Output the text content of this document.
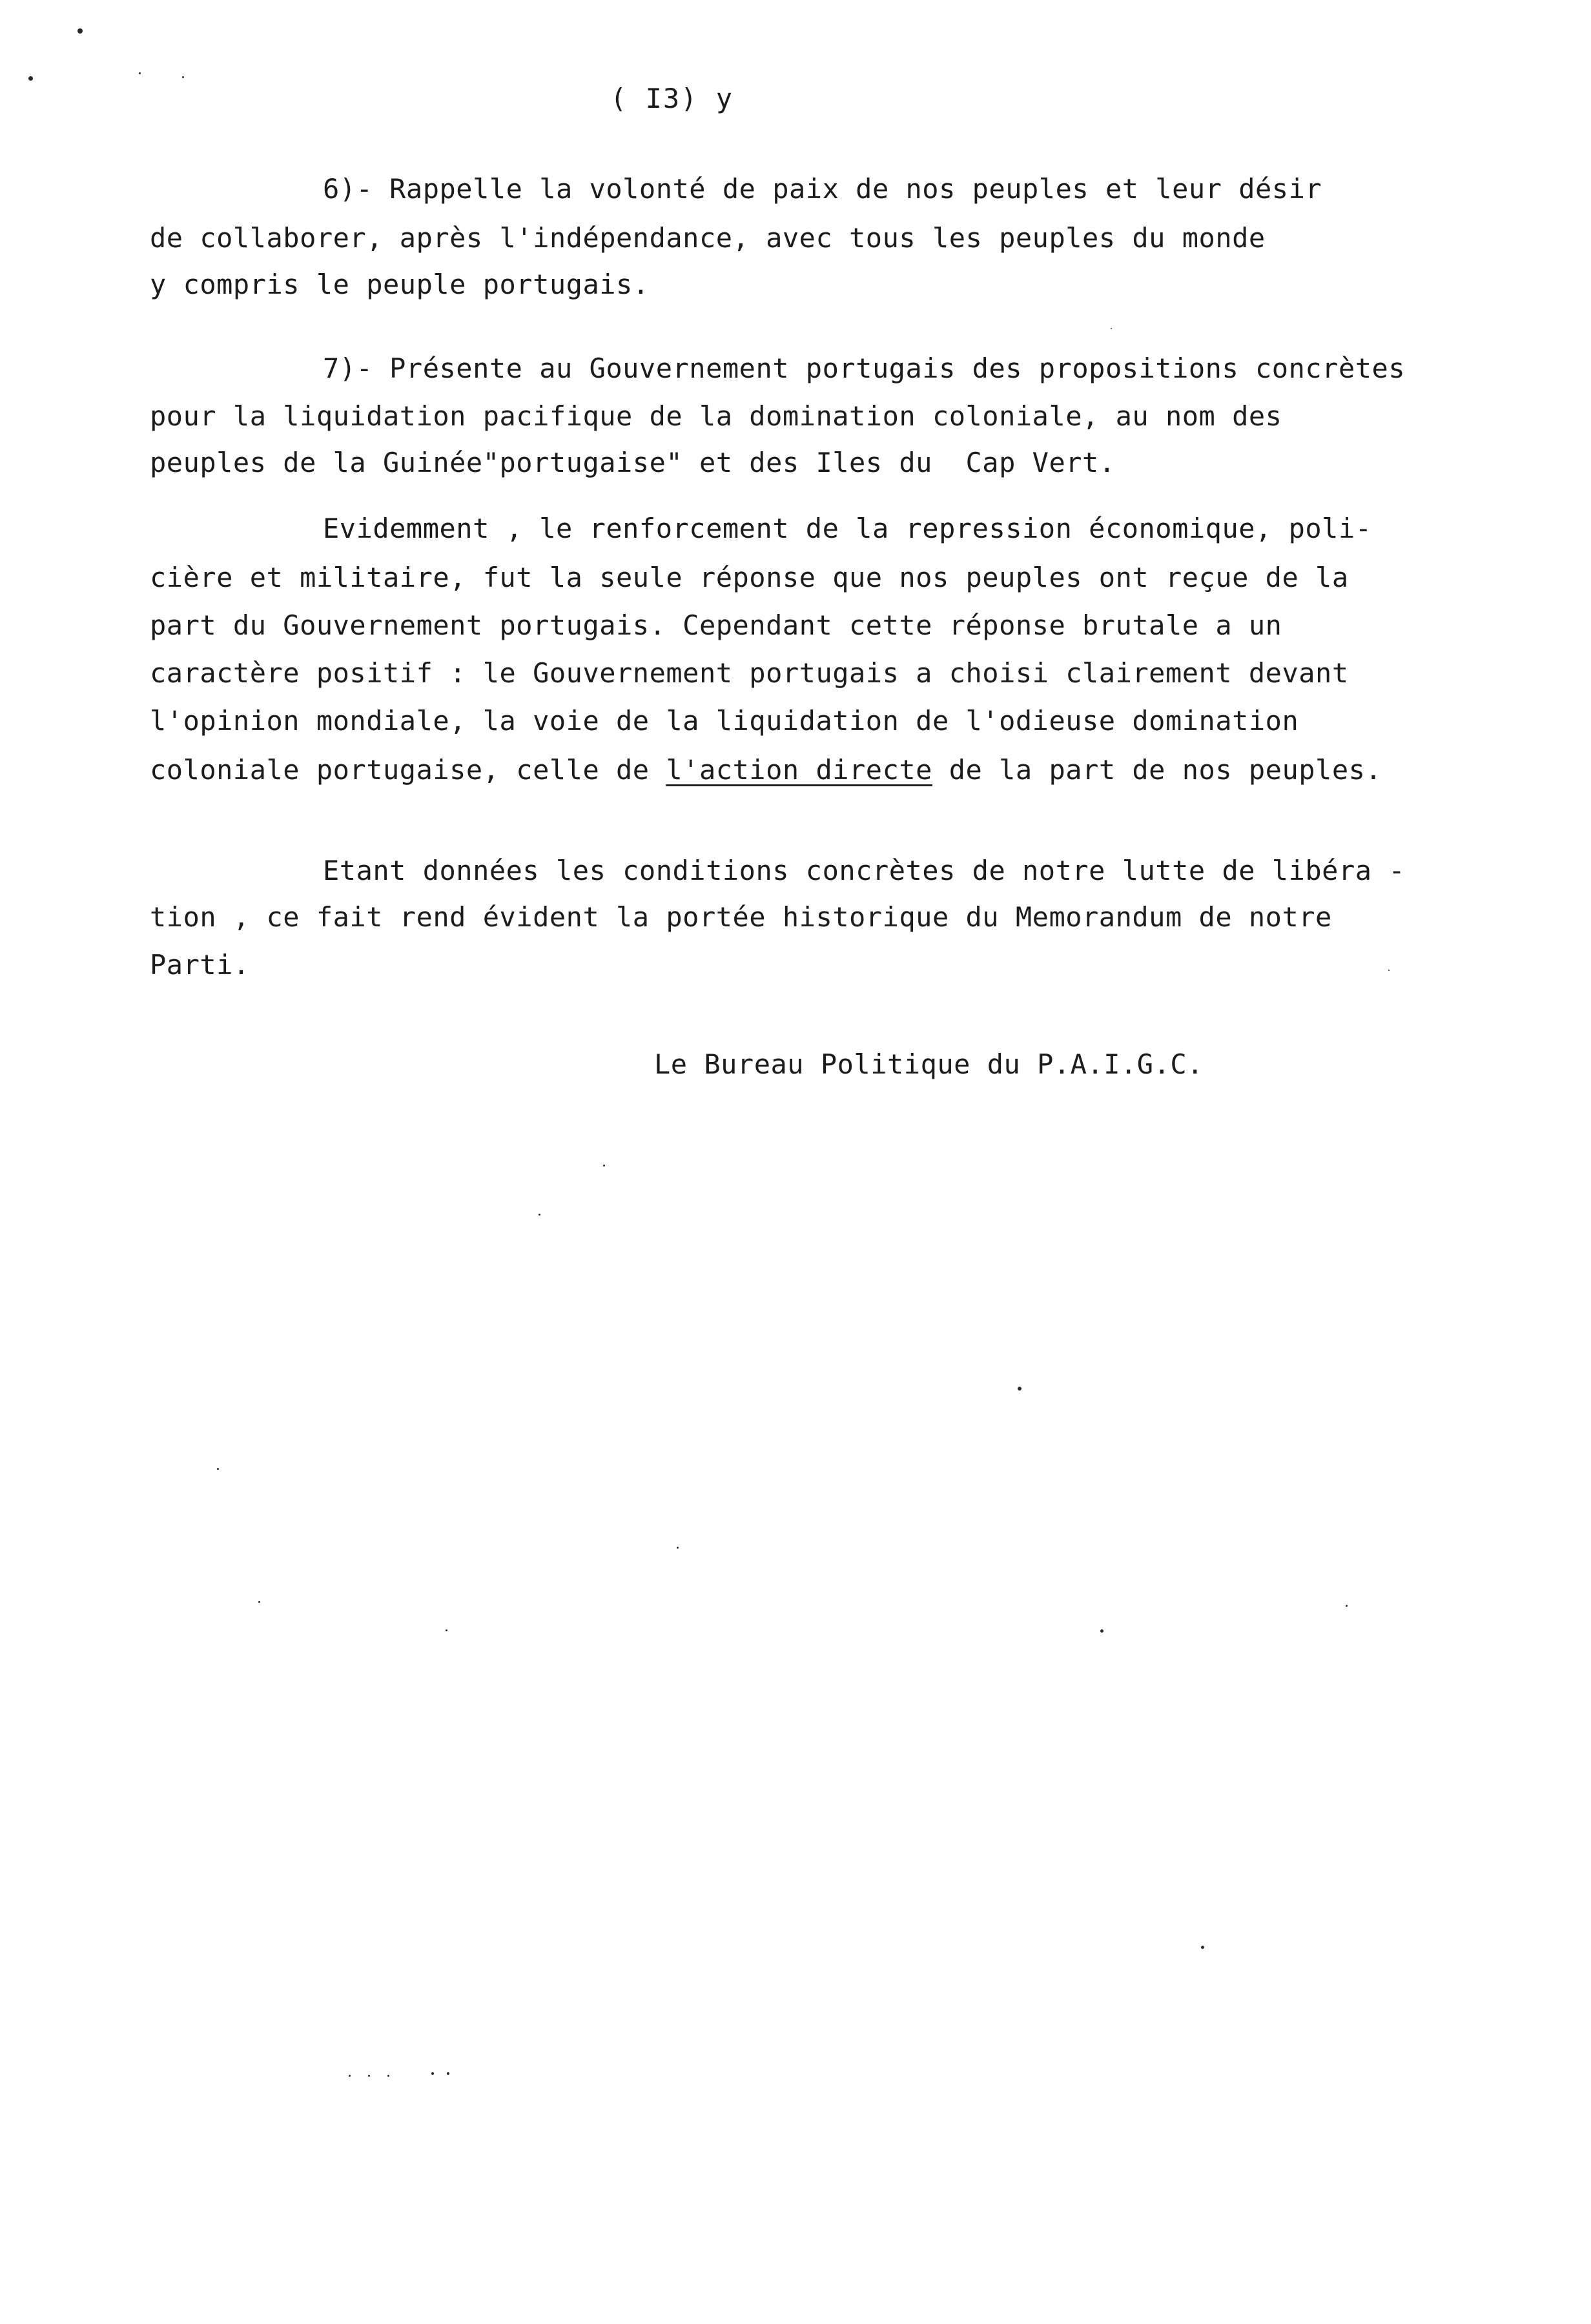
( I3) y
6)- Rappelle la volonté de paix de nos peuples et leur désir
de collaborer, après l'indépendance, avec tous les peuples du monde
y compris le peuple portugais.
7)- Présente au Gouvernement portugais des propositions concrètes
pour la liquidation pacifique de la domination coloniale, au nom des
peuples de la Guinée"portugaise" et des Iles du  Cap Vert.
Evidemment , le renforcement de la repression économique, poli-
cière et militaire, fut la seule réponse que nos peuples ont reçue de la
part du Gouvernement portugais. Cependant cette réponse brutale a un
caractère positif : le Gouvernement portugais a choisi clairement devant
l'opinion mondiale, la voie de la liquidation de l'odieuse domination
coloniale portugaise, celle de l'action directe de la part de nos peuples.
Etant données les conditions concrètes de notre lutte de libéra -
tion , ce fait rend évident la portée historique du Memorandum de notre
Parti.
Le Bureau Politique du P.A.I.G.C.
